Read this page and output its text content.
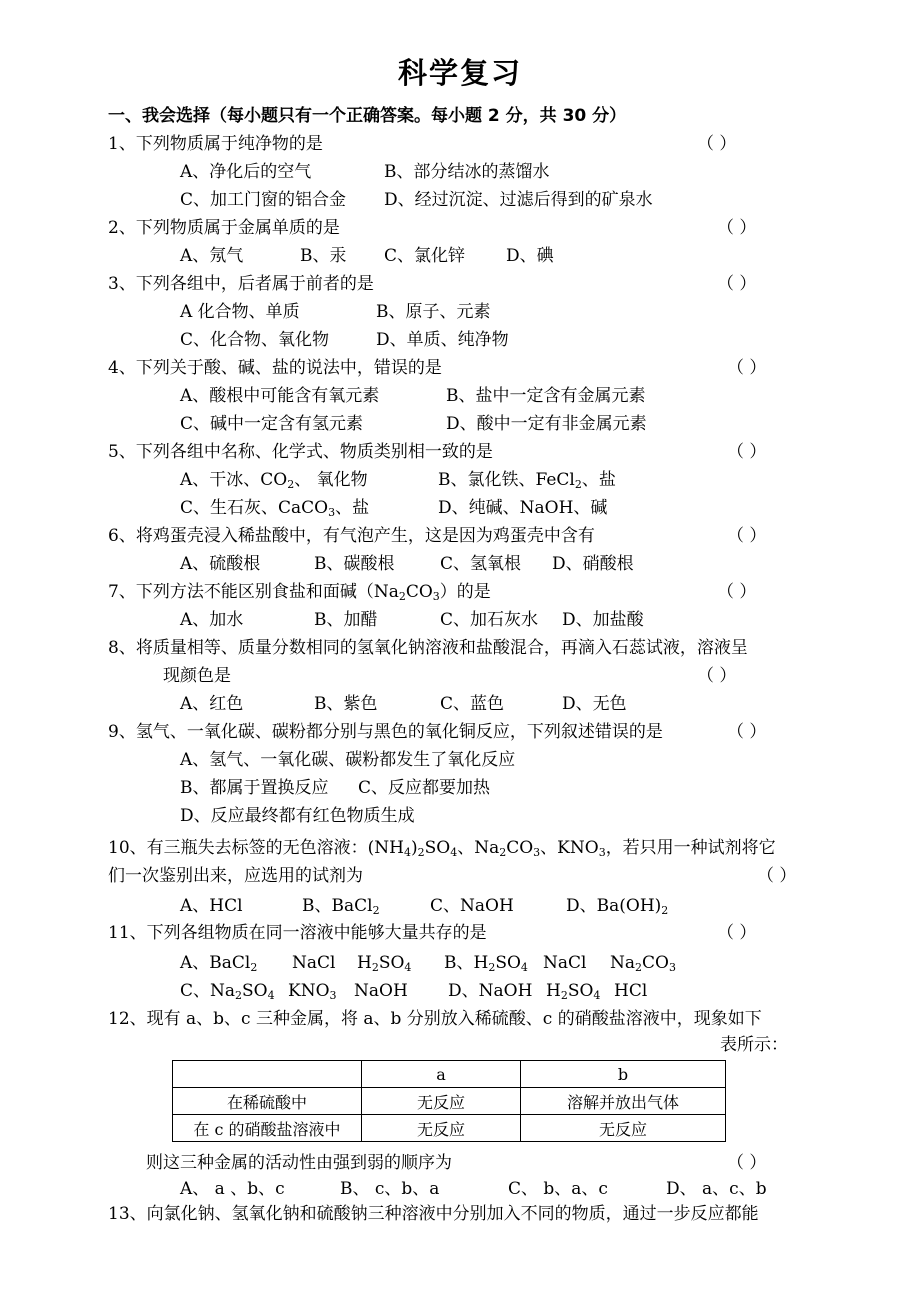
科学复习
一、我会选择（每小题只有一个正确答案。每小题 2 分，共 30 分）
1、下列物质属于纯净物的是	（ ）
A、净化后的空气	B、部分结冰的蒸馏水
C、加工门窗的铝合金 D、经过沉淀、过滤后得到的矿泉水
2、下列物质属于金属单质的是	（ ）
A、氖气	B、汞 C、氯化锌 D、碘
3、下列各组中，后者属于前者的是	（ ）
A 化合物、单质	B、原子、元素
C、化合物、氧化物	D、单质、纯净物
4、下列关于酸、碱、盐的说法中，错误的是	（ ）
A、酸根中可能含有氧元素	B、盐中一定含有金属元素
C、碱中一定含有氢元素	D、酸中一定有非金属元素
5、下列各组中名称、化学式、物质类别相一致的是	（ ）
A、干冰、$CO_2$、 氧化物	B、氯化铁、FeCl$_2$、盐
C、生石灰、CaCO$_3$、盐	D、纯碱、NaOH、碱
6、将鸡蛋壳浸入稀盐酸中，有气泡产生，这是因为鸡蛋壳中含有	（ ）
A、硫酸根	B、碳酸根	C、氢氧根 D、硝酸根
7、下列方法不能区别食盐和面碱$(Na_2CO_3)$的是	（ ）
A、加水	B、加醋	C、加石灰水 D、加盐酸
8、将质量相等、质量分数相同的氢氧化钠溶液和盐酸混合，再滴入石蕊试液，溶液呈
现颜色是	（ ）
A、红色	B、紫色	C、蓝色	D、无色
9、氢气、一氧化碳、碳粉都分别与黑色的氧化铜反应，下列叙述错误的是	（ ）
A、氢气、一氧化碳、碳粉都发生了氧化反应
B、都属于置换反应 C、反应都要加热
D、反应最终都有红色物质生成
10、有三瓶失去标签的无色溶液：$(NH_4)_2SO_4$、$Na_2CO_3$、$KNO_3$，若只用一种试剂将它
们一次鉴别出来，应选用的试剂为	（ ）
A、HCl	B、BaCl$_2$	C、NaOH	D、$Ba(OH)_2$
11、下列各组物质在同一溶液中能够大量共存的是	（ ）
A、BaCl$_2$ NaCl $H_2SO_4$ B、$H_2SO_4$ NaCl $Na_2CO_3$
C、$Na_2SO_4$ $KNO_3$ NaOH D、NaOH $H_2SO_4$ HCl
12、现有 a、b、c 三种金属，将 a、b 分别放入稀硫酸、c 的硝酸盐溶液中，现象如下
表所示：
	a	b
在稀硫酸中	无反应	溶解并放出气体
在 c 的硝酸盐溶液中	无反应	无反应
则这三种金属的活动性由强到弱的顺序为	（ ）
A、 a 、b、c	B、 c、b、a	C、 b、a、c	D、 a、c、b
13、向氯化钠、氢氧化钠和硫酸钠三种溶液中分别加入不同的物质，通过一步反应都能
